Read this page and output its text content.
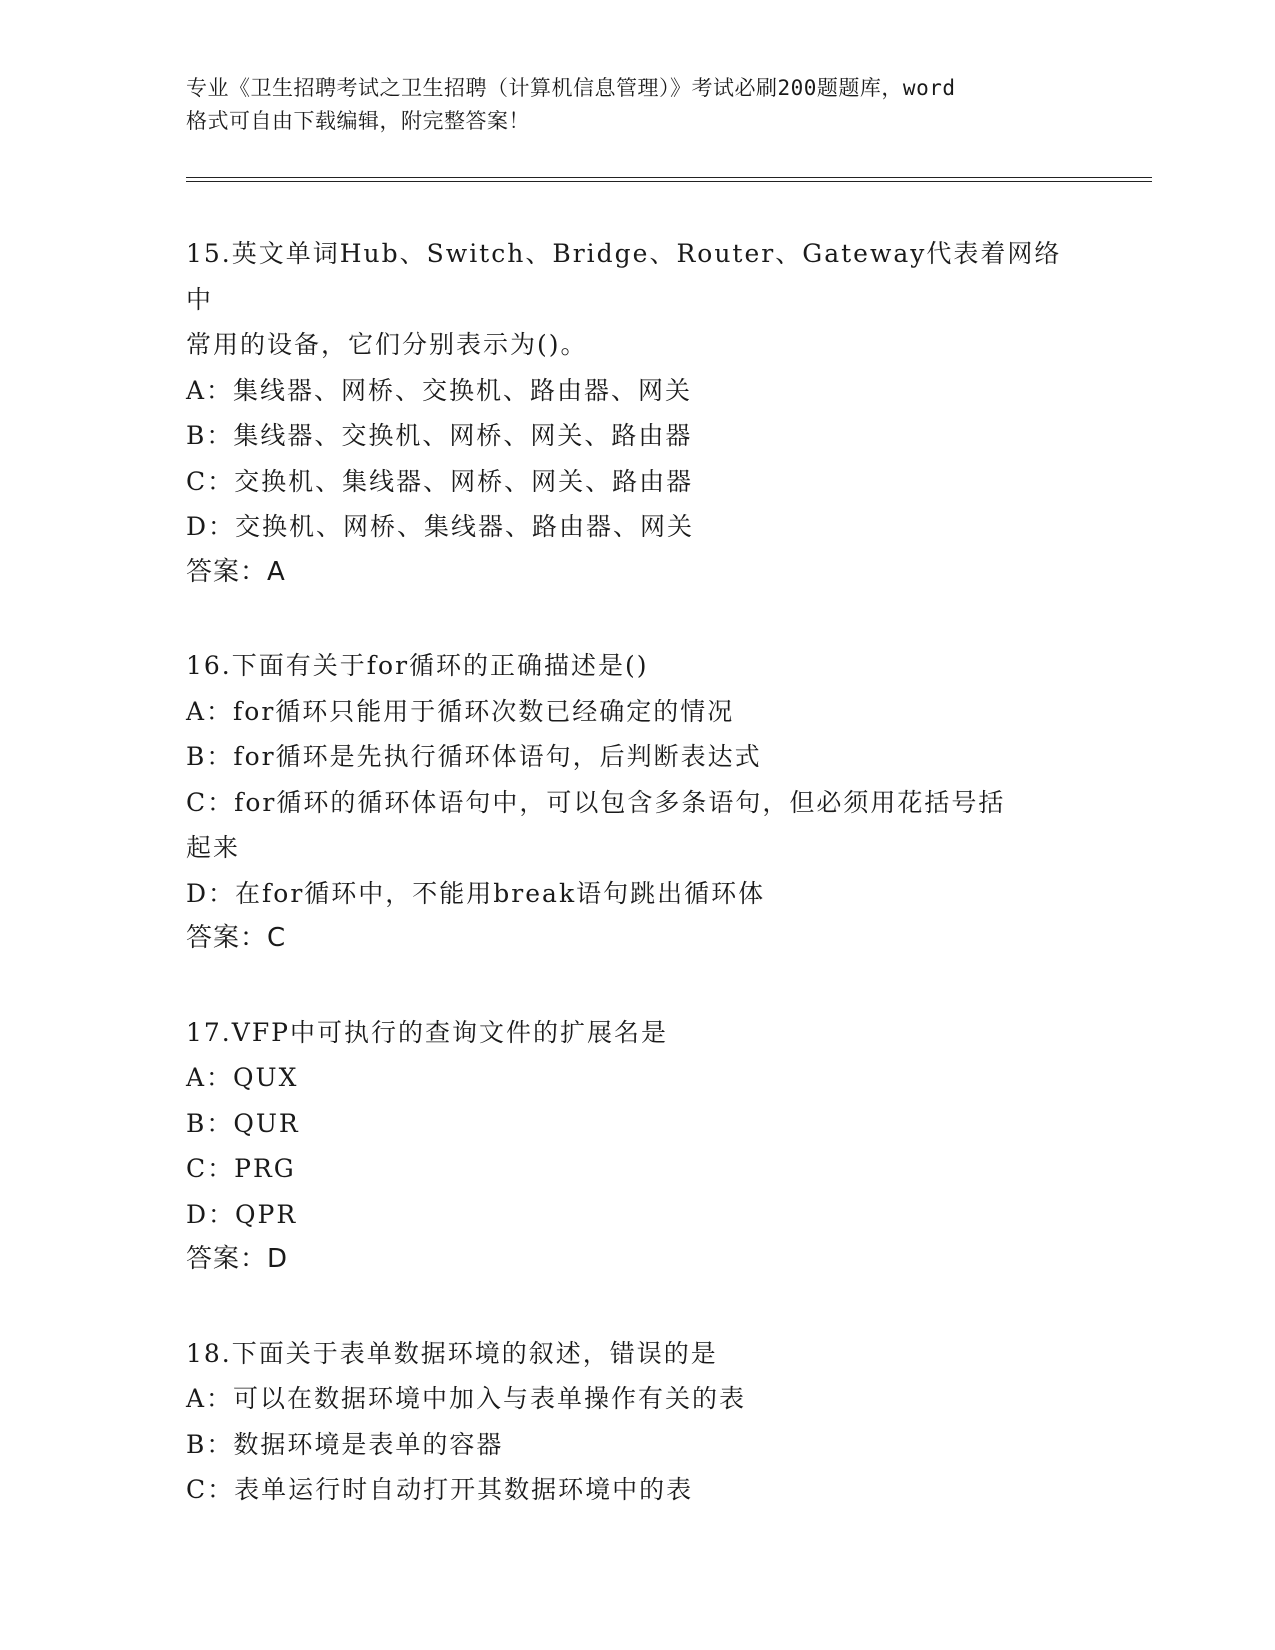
专业《卫生招聘考试之卫生招聘（计算机信息管理）》考试必刷200题题库，word
格式可自由下载编辑，附完整答案！
15.英文单词Hub、Switch、Bridge、Router、Gateway代表着网络中
常用的设备，它们分别表示为()。
A：集线器、网桥、交换机、路由器、网关
B：集线器、交换机、网桥、网关、路由器
C：交换机、集线器、网桥、网关、路由器
D：交换机、网桥、集线器、路由器、网关
答案：A
16.下面有关于for循环的正确描述是()
A：for循环只能用于循环次数已经确定的情况
B：for循环是先执行循环体语句，后判断表达式
C：for循环的循环体语句中，可以包含多条语句，但必须用花括号括
起来
D：在for循环中，不能用break语句跳出循环体
答案：C
17.VFP中可执行的查询文件的扩展名是
A：QUX
B：QUR
C：PRG
D：QPR
答案：D
18.下面关于表单数据环境的叙述，错误的是
A：可以在数据环境中加入与表单操作有关的表
B：数据环境是表单的容器
C：表单运行时自动打开其数据环境中的表
